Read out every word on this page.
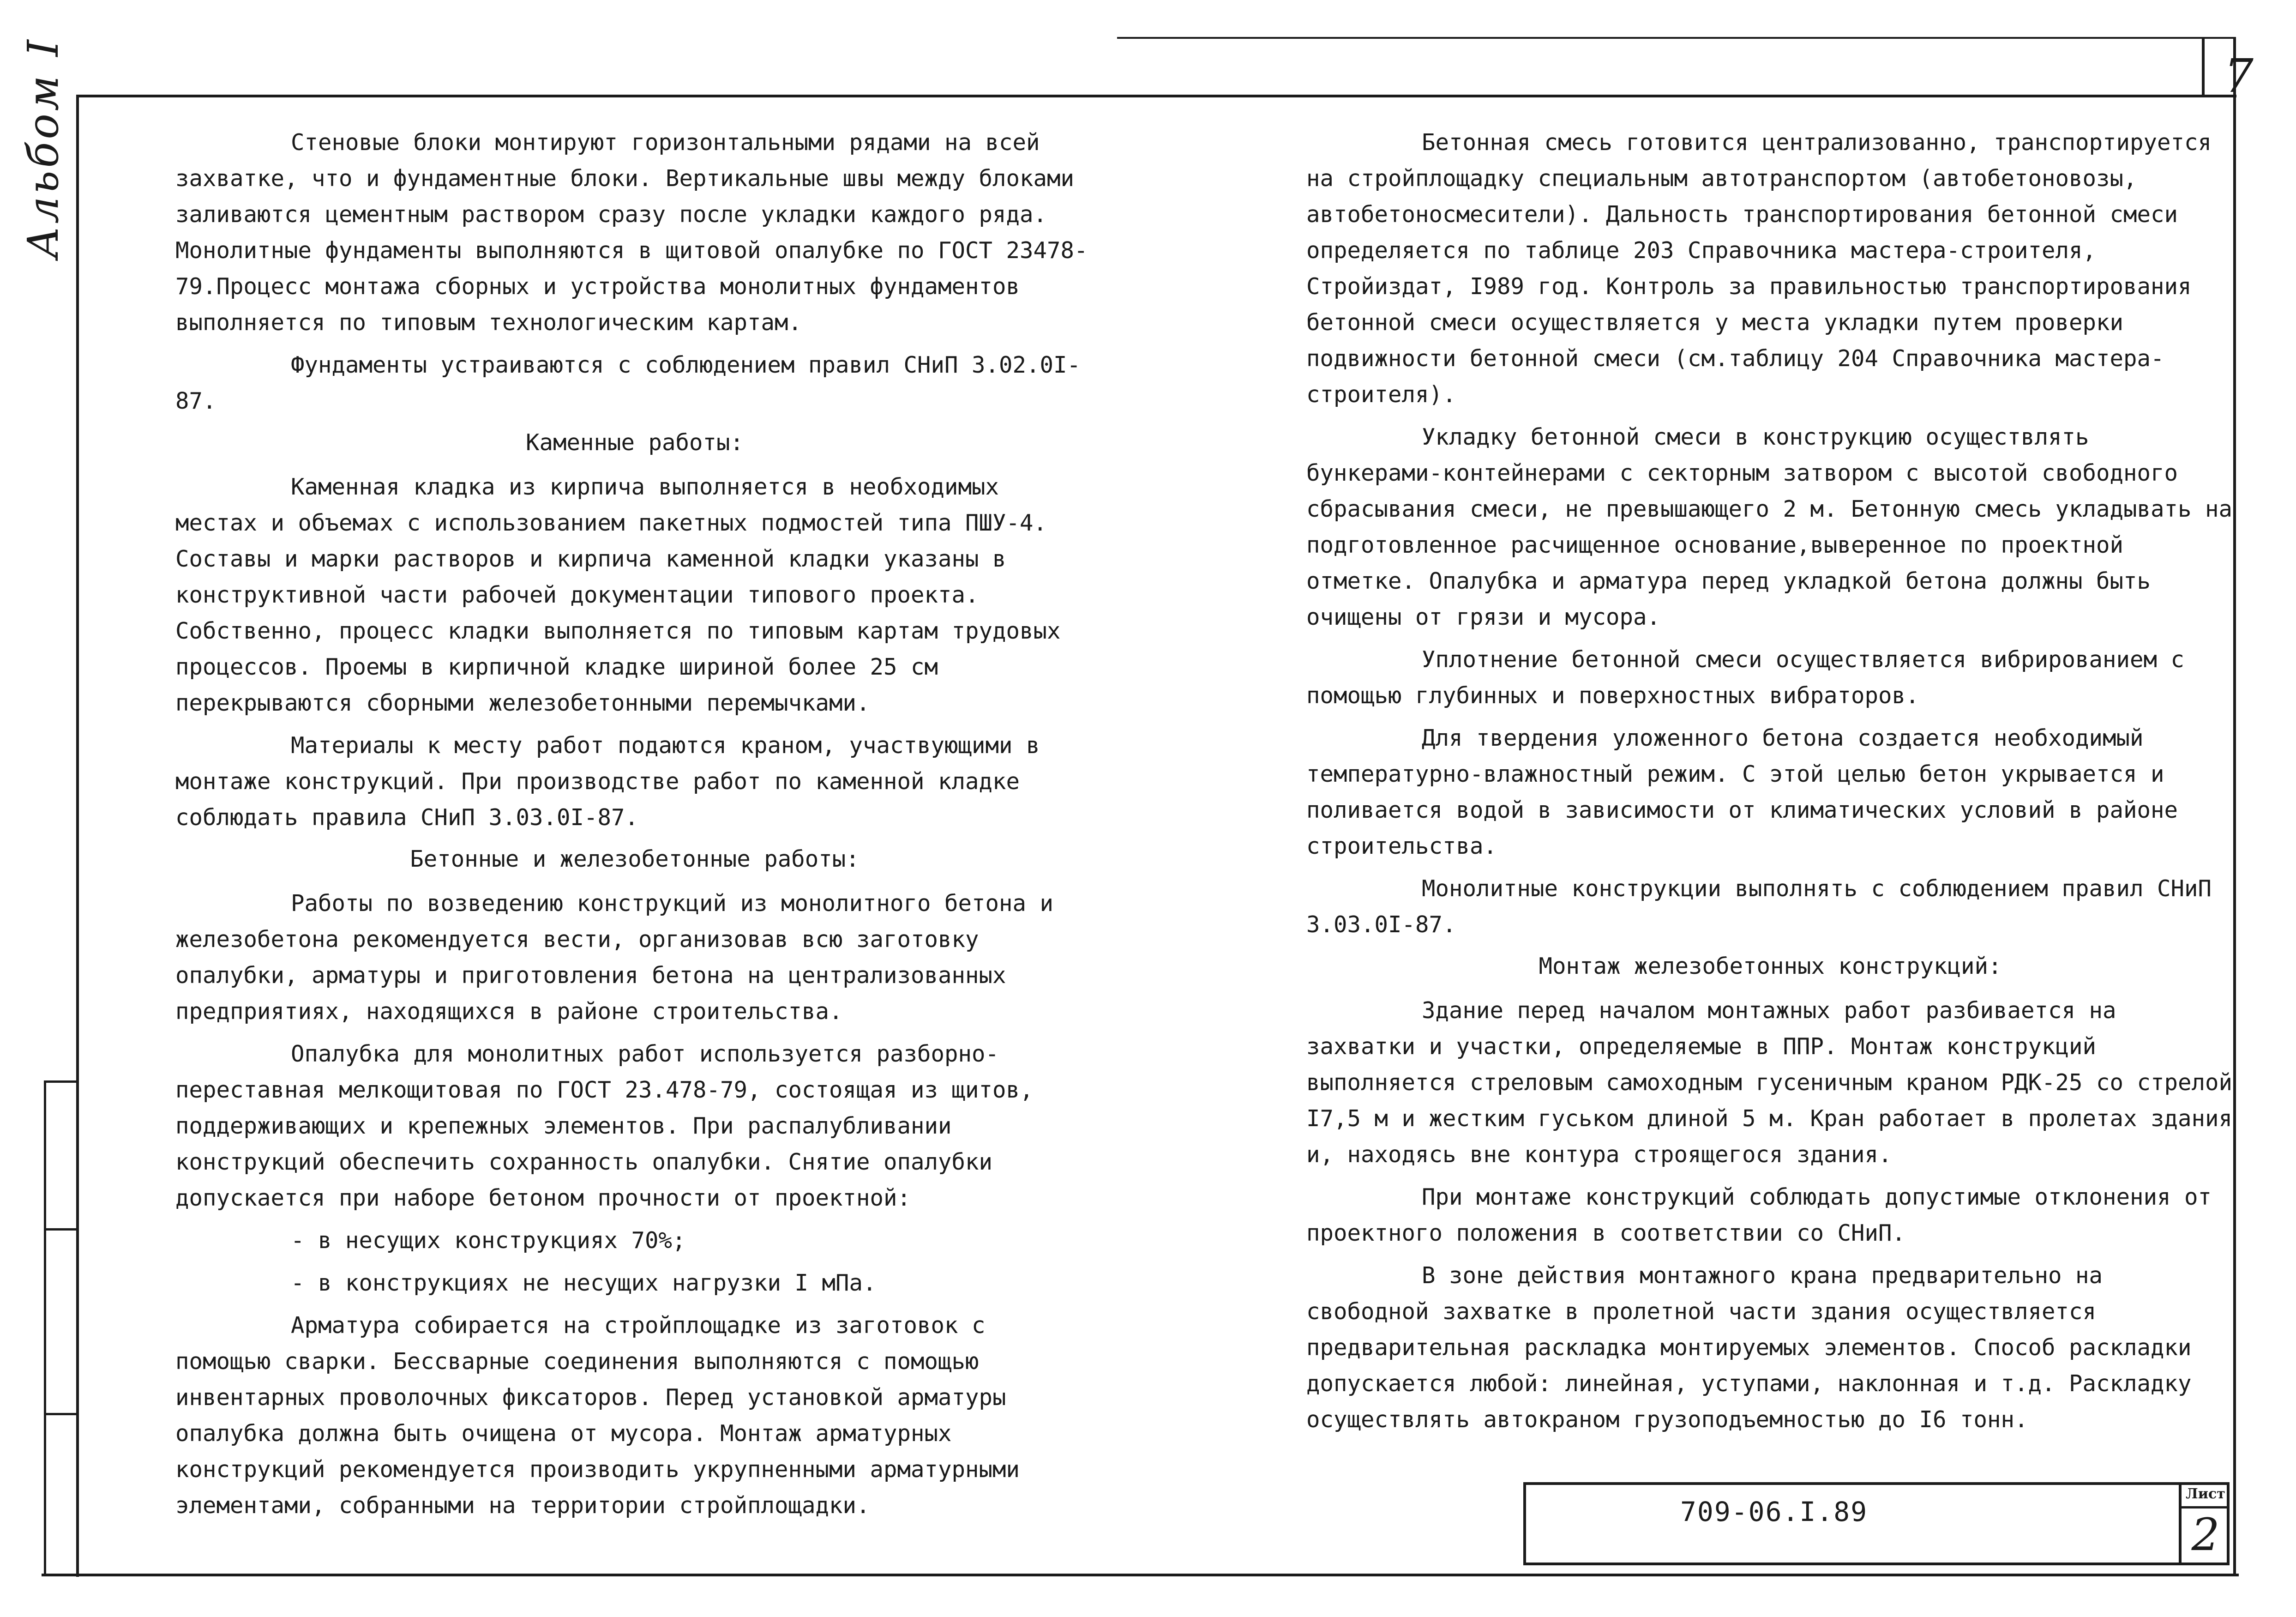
Альбом I	7

Стеновые блоки монтируют горизонтальными рядами на всей захватке, что и фундаментные блоки. Вертикальные швы между блоками заливаются цементным раствором сразу после укладки каждого ряда. Монолитные фундаменты выполняются в щитовой опалубке по ГОСТ 23478-79.Процесс монтажа сборных и устройства монолитных фундаментов выполняется по типовым технологическим картам.

Фундаменты устраиваются с соблюдением правил СНиП 3.02.0I-87.

Каменные работы:

Каменная кладка из кирпича выполняется в необходимых местах и объемах с использованием пакетных подмостей типа ПШУ-4. Составы и марки растворов и кирпича каменной кладки указаны в конструктивной части рабочей документации типового проекта. Собственно, процесс кладки выполняется по типовым картам трудовых процессов. Проемы в кирпичной кладке шириной более 25 см перекрываются сборными железобетонными перемычками.

Материалы к месту работ подаются краном, участвующими в монтаже конструкций. При производстве работ по каменной кладке соблюдать правила СНиП 3.03.0I-87.

Бетонные и железобетонные работы:

Работы по возведению конструкций из монолитного бетона и железобетона рекомендуется вести, организовав всю заготовку опалубки, арматуры и приготовления бетона на централизованных предприятиях, находящихся в районе строительства.

Опалубка для монолитных работ используется разборно-переставная мелкощитовая по ГОСТ 23.478-79, состоящая из щитов, поддерживающих и крепежных элементов. При распалубливании конструкций обеспечить сохранность опалубки. Снятие опалубки допускается при наборе бетоном прочности от проектной:

- в несущих конструкциях 70%;

- в конструкциях не несущих нагрузки I мПа.

Арматура собирается на стройплощадке из заготовок с помощью сварки. Бессварные соединения выполняются с помощью инвентарных проволочных фиксаторов. Перед установкой арматуры опалубка должна быть очищена от мусора. Монтаж арматурных конструкций рекомендуется производить укрупненными арматурными элементами, собранными на территории стройплощадки.

Бетонная смесь готовится централизованно, транспортируется на стройплощадку специальным автотранспортом (автобетоновозы, автобетоносмесители). Дальность транспортирования бетонной смеси определяется по таблице 203 Справочника мастера-строителя, Стройиздат, I989 год. Контроль за правильностью транспортирования бетонной смеси осуществляется у места укладки путем проверки подвижности бетонной смеси (см.таблицу 204 Справочника мастера-строителя).

Укладку бетонной смеси в конструкцию осуществлять бункерами-контейнерами с секторным затвором с высотой свободного сбрасывания смеси, не превышающего 2 м. Бетонную смесь укладывать на подготовленное расчищенное основание,выверенное по проектной отметке. Опалубка и арматура перед укладкой бетона должны быть очищены от грязи и мусора.

Уплотнение бетонной смеси осуществляется вибрированием с помощью глубинных и поверхностных вибраторов.

Для твердения уложенного бетона создается необходимый температурно-влажностный режим. С этой целью бетон укрывается и поливается водой в зависимости от климатических условий в районе строительства.

Монолитные конструкции выполнять с соблюдением правил СНиП 3.03.0I-87.

Монтаж железобетонных конструкций:

Здание перед началом монтажных работ разбивается на захватки и участки, определяемые в ППР. Монтаж конструкций выполняется стреловым самоходным гусеничным краном РДК-25 со стрелой I7,5 м и жестким гуськом длиной 5 м. Кран работает в пролетах здания и, находясь вне контура строящегося здания.

При монтаже конструкций соблюдать допустимые отклонения от проектного положения в соответствии со СНиП.

В зоне действия монтажного крана предварительно на свободной захватке в пролетной части здания осуществляется предварительная раскладка монтируемых элементов. Способ раскладки допускается любой: линейная, уступами, наклонная и т.д. Раскладку осуществлять автокраном грузоподъемностью до I6 тонн.

709-06.I.89
Лист
2
